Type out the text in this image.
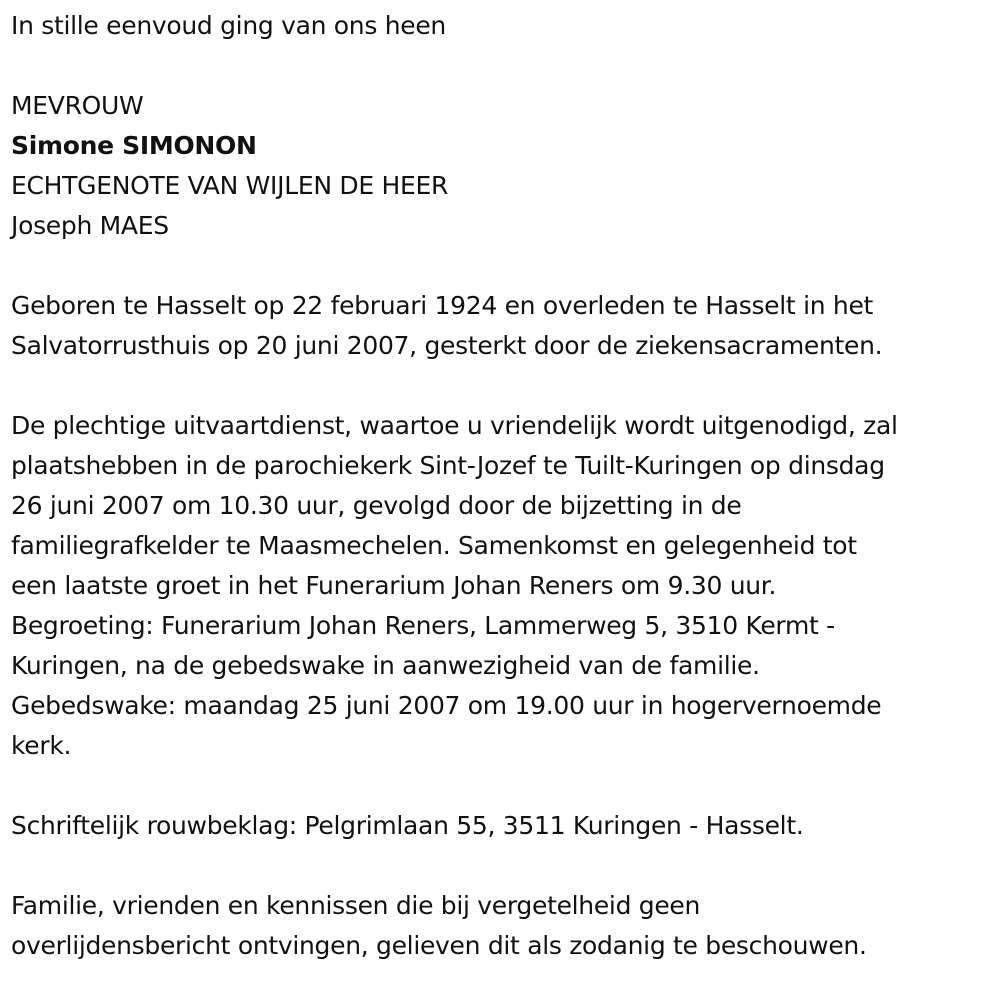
In stille eenvoud ging van ons heen
MEVROUW
Simone SIMONON
ECHTGENOTE VAN WIJLEN DE HEER
Joseph MAES
Geboren te Hasselt op 22 februari 1924 en overleden te Hasselt in het
Salvatorrusthuis op 20 juni 2007, gesterkt door de ziekensacramenten.
De plechtige uitvaartdienst, waartoe u vriendelijk wordt uitgenodigd, zal
plaatshebben in de parochiekerk Sint-Jozef te Tuilt-Kuringen op dinsdag
26 juni 2007 om 10.30 uur, gevolgd door de bijzetting in de
familiegrafkelder te Maasmechelen. Samenkomst en gelegenheid tot
een laatste groet in het Funerarium Johan Reners om 9.30 uur.
Begroeting: Funerarium Johan Reners, Lammerweg 5, 3510 Kermt -
Kuringen, na de gebedswake in aanwezigheid van de familie.
Gebedswake: maandag 25 juni 2007 om 19.00 uur in hogervernoemde
kerk.
Schriftelijk rouwbeklag: Pelgrimlaan 55, 3511 Kuringen - Hasselt.
Familie, vrienden en kennissen die bij vergetelheid geen
overlijdensbericht ontvingen, gelieven dit als zodanig te beschouwen.
